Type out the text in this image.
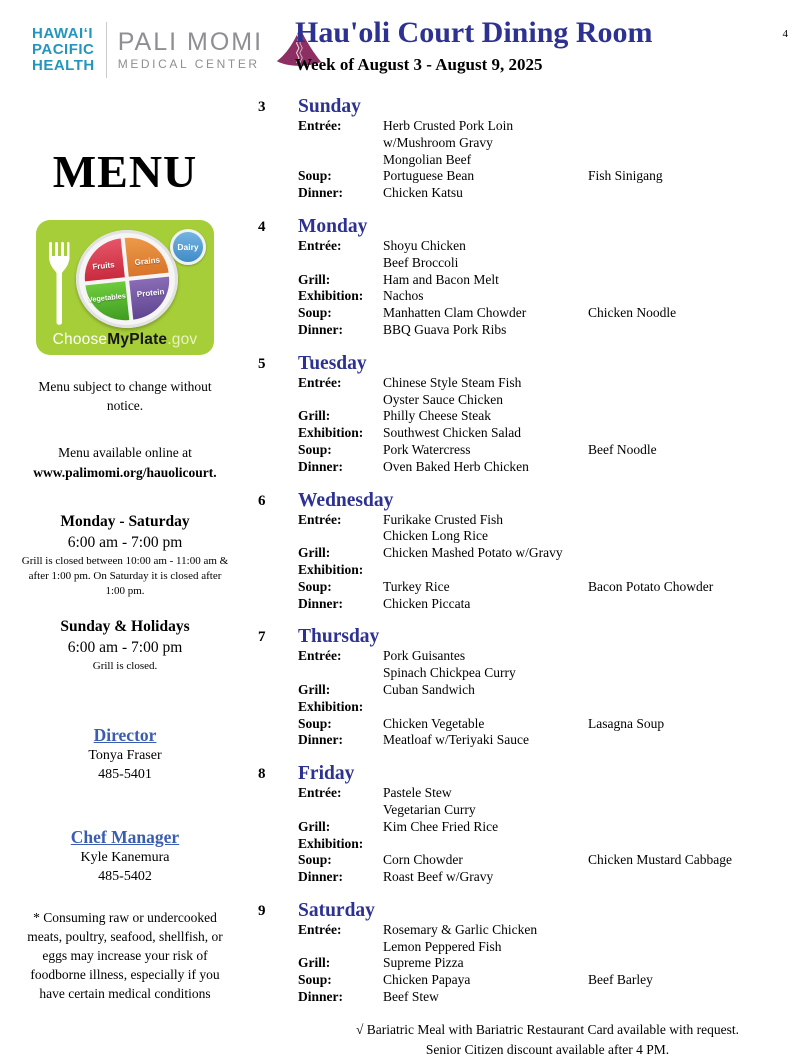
HAWAI‘I
PACIFIC
HEALTH
PALI MOMI
MEDICAL CENTER
Hau'oli Court Dining Room
Week of August 3 - August 9, 2025
4
MENU
Fruits	Grains
Vegetables	Protein
Dairy
ChooseMyPlate.gov

Menu subject to change without notice.

Menu available online at
www.palimomi.org/hauolicourt.
Monday - Saturday
6:00 am - 7:00 pm
Grill is closed between 10:00 am - 11:00 am & after 1:00 pm. On Saturday it is closed after 1:00 pm.
Sunday & Holidays
6:00 am - 7:00 pm
Grill is closed.
Director
Tonya Fraser
485-5401
Chef Manager
Kyle Kanemura
485-5402

* Consuming raw or undercooked meats, poultry, seafood, shellfish, or eggs may increase your risk of foodborne illness, especially if you have certain medical conditions

3 Sunday
Entrée:	Herb Crusted Pork Loin w/Mushroom Gravy
Mongolian Beef
Soup:	Portuguese Bean	Fish Sinigang
Dinner:	Chicken Katsu
4 Monday
Entrée:	Shoyu Chicken
Beef Broccoli
Grill:	Ham and Bacon Melt
Exhibition:	Nachos
Soup:	Manhatten Clam Chowder	Chicken Noodle
Dinner:	BBQ Guava Pork Ribs
5 Tuesday
Entrée:	Chinese Style Steam Fish
Oyster Sauce Chicken
Grill:	Philly Cheese Steak
Exhibition:	Southwest Chicken Salad
Soup:	Pork Watercress	Beef Noodle
Dinner:	Oven Baked Herb Chicken
6 Wednesday
Entrée:	Furikake Crusted Fish
Chicken Long Rice
Grill:	Chicken Mashed Potato w/Gravy
Exhibition:
Soup:	Turkey Rice	Bacon Potato Chowder
Dinner:	Chicken Piccata
7 Thursday
Entrée:	Pork Guisantes
Spinach Chickpea Curry
Grill:	Cuban Sandwich
Exhibition:
Soup:	Chicken Vegetable	Lasagna Soup
Dinner:	Meatloaf w/Teriyaki Sauce
8 Friday
Entrée:	Pastele Stew
Vegetarian Curry
Grill:	Kim Chee Fried Rice
Exhibition:
Soup:	Corn Chowder	Chicken Mustard Cabbage
Dinner:	Roast Beef w/Gravy
9 Saturday
Entrée:	Rosemary & Garlic Chicken
Lemon Peppered Fish
Grill:	Supreme Pizza
Soup:	Chicken Papaya	Beef Barley
Dinner:	Beef Stew
√ Bariatric Meal with Bariatric Restaurant Card available with request.
Senior Citizen discount available after 4 PM.
